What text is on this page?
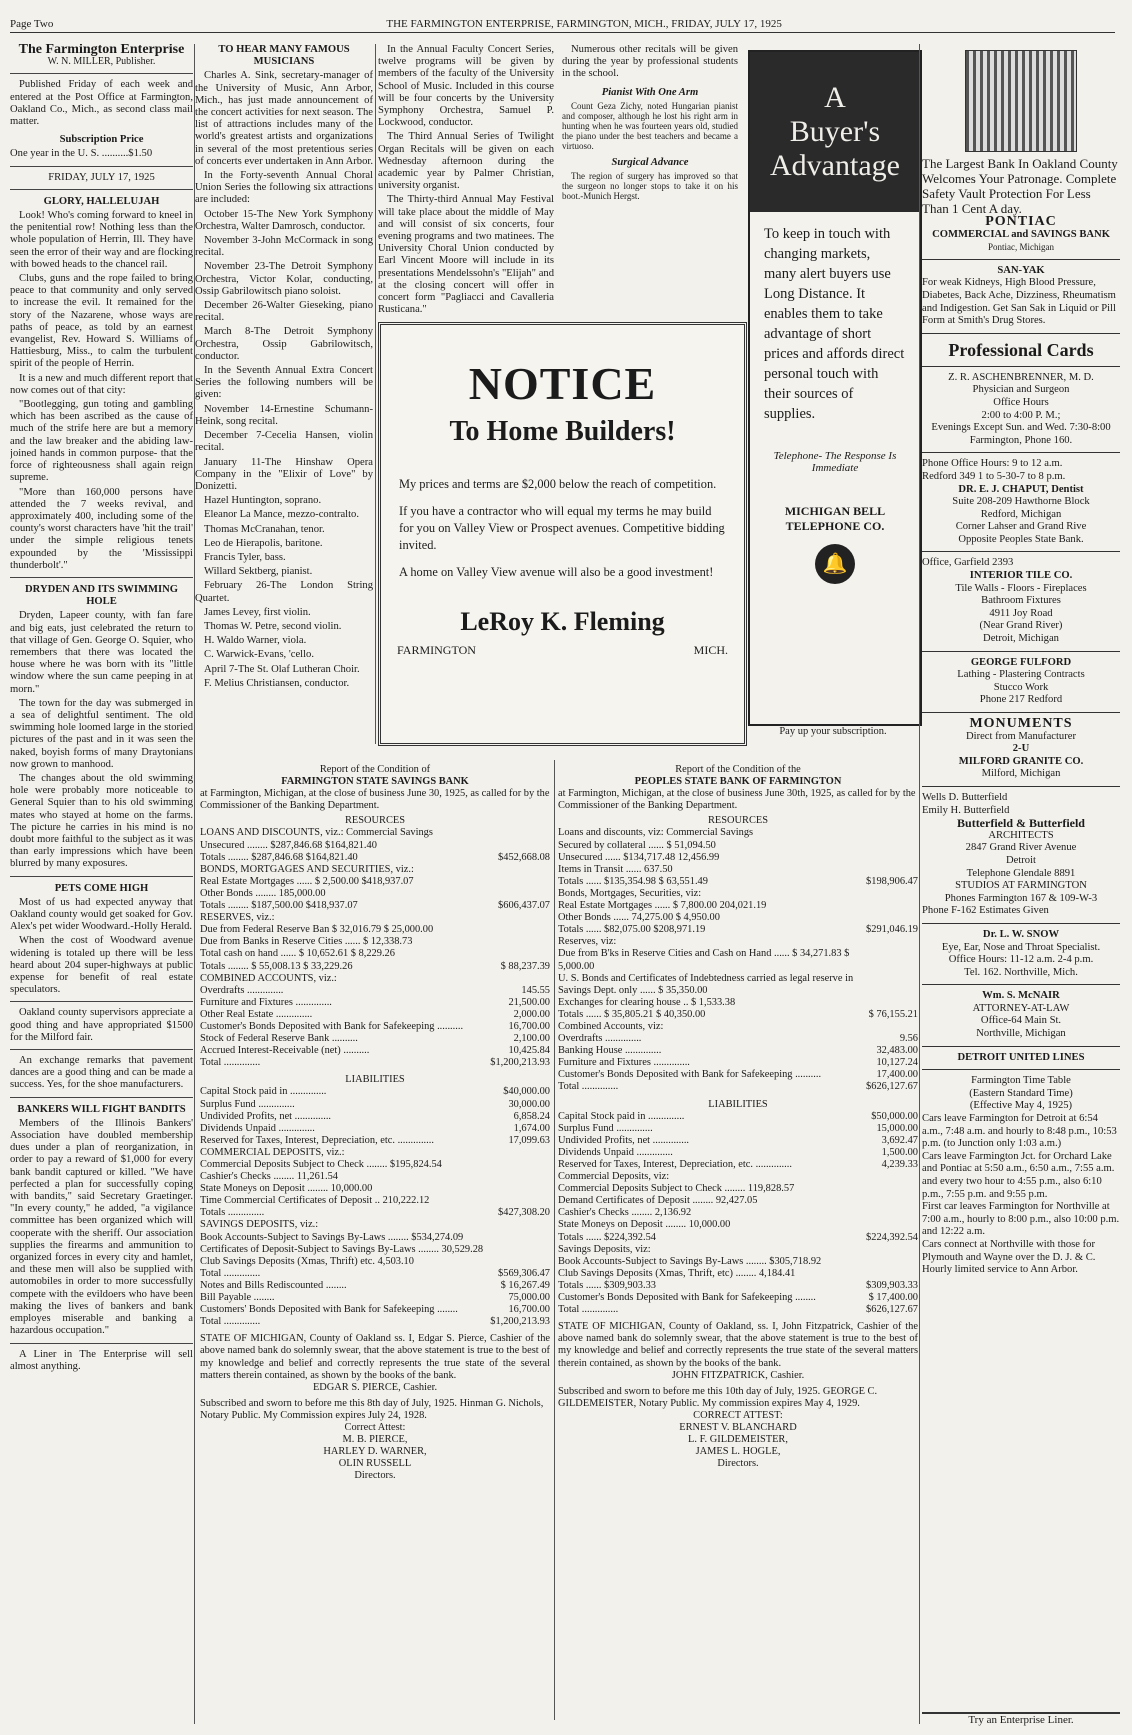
Page Two	THE FARMINGTON ENTERPRISE, FARMINGTON, MICH., FRIDAY, JULY 17, 1925
The Farmington Enterprise
W. N. MILLER, Publisher.

Published Friday of each week and entered at the Post Office at Farmington, Oakland Co., Mich., as second class mail matter.

Subscription Price
One year in the U. S. ..........$1.50
FRIDAY, JULY 17, 1925
GLORY, HALLELUJAH

Look! Who's coming forward to kneel in the penitential row! Nothing less than the whole population of Herrin, Ill. They have seen the error of their way and are flocking with bowed heads to the chancel rail.

Clubs, guns and the rope failed to bring peace to that community and only served to increase the evil. It remained for the story of the Nazarene, whose ways are paths of peace, as told by an earnest evangelist, Rev. Howard S. Williams of Hattiesburg, Miss., to calm the turbulent spirit of the people of Herrin.

It is a new and much different report that now comes out of that city:

"Bootlegging, gun toting and gambling which has been ascribed as the cause of much of the strife here are but a memory and the law breaker and the abiding law- joined hands in common purpose- that the force of righteousness shall again reign supreme.

"More than 160,000 persons have attended the 7 weeks revival, and approximately 400, including some of the county's worst characters have 'hit the trail' under the simple religious tenets expounded by the 'Mississippi thunderbolt'."

DRYDEN AND ITS SWIMMING HOLE

Dryden, Lapeer county, with fan fare and big eats, just celebrated the return to that village of Gen. George O. Squier, who remembers that there was located the house where he was born with its "little window where the sun came peeping in at morn."

The town for the day was submerged in a sea of delightful sentiment. The old swimming hole loomed large in the storied pictures of the past and in it was seen the naked, boyish forms of many Draytonians now grown to manhood.

The changes about the old swimming hole were probably more noticeable to General Squier than to his old swimming mates who stayed at home on the farms. The picture he carries in his mind is no doubt more faithful to the subject as it was than early impressions which have been blurred by many exposures.

PETS COME HIGH

Most of us had expected anyway that Oakland county would get soaked for Gov. Alex's pet wider Woodward.-Holly Herald.

When the cost of Woodward avenue widening is totaled up there will be less heard about 204 super-highways at public expense for benefit of real estate speculators.

Oakland county supervisors appreciate a good thing and have appropriated $1500 for the Milford fair.

An exchange remarks that pavement dances are a good thing and can be made a success. Yes, for the shoe manufacturers.

BANKERS WILL FIGHT BANDITS

Members of the Illinois Bankers' Association have doubled membership dues under a plan of reorganization, in order to pay a reward of $1,000 for every bank bandit captured or killed. "We have perfected a plan for successfully coping with bandits," said Secretary Graetinger. "In every county," he added, "a vigilance committee has been organized which will cooperate with the sheriff. Our association supplies the firearms and ammunition to organized forces in every city and hamlet, and these men will also be supplied with automobiles in order to more successfully compete with the evildoers who have been making the lives of bankers and bank employes miserable and banking a hazardous occupation."

A Liner in The Enterprise will sell almost anything.

TO HEAR MANY FAMOUS MUSICIANS

Charles A. Sink, secretary-manager of the University of Music, Ann Arbor, Mich., has just made announcement of the concert activities for next season. The list of attractions includes many of the world's greatest artists and organizations in several of the most pretentious series of concerts ever undertaken in Ann Arbor.

In the Forty-seventh Annual Choral Union Series the following six attractions are included:

October 15-The New York Symphony Orchestra, Walter Damrosch, conductor.

November 3-John McCormack in song recital.

November 23-The Detroit Symphony Orchestra, Victor Kolar, conducting, Ossip Gabrilowitsch piano soloist.

December 26-Walter Gieseking, piano recital.

March 8-The Detroit Symphony Orchestra, Ossip Gabrilowitsch, conductor.

In the Seventh Annual Extra Concert Series the following numbers will be given:

November 14-Ernestine Schumann-Heink, song recital.

December 7-Cecelia Hansen, violin recital.

January 11-The Hinshaw Opera Company in the "Elixir of Love" by Donizetti.

Hazel Huntington, soprano.

Eleanor La Mance, mezzo-contralto.

Thomas McCranahan, tenor.

Leo de Hierapolis, baritone.

Francis Tyler, bass.

Willard Sektberg, pianist.

February 26-The London String Quartet.

James Levey, first violin.

Thomas W. Petre, second violin.

H. Waldo Warner, viola.

C. Warwick-Evans, 'cello.

April 7-The St. Olaf Lutheran Choir.

F. Melius Christiansen, conductor.

In the Annual Faculty Concert Series, twelve programs will be given by members of the faculty of the University School of Music. Included in this course will be four concerts by the University Symphony Orchestra, Samuel P. Lockwood, conductor.

The Third Annual Series of Twilight Organ Recitals will be given on each Wednesday afternoon during the academic year by Palmer Christian, university organist.

The Thirty-third Annual May Festival will take place about the middle of May and will consist of six concerts, four evening programs and two matinees. The University Choral Union conducted by Earl Vincent Moore will include in its presentations Mendelssohn's "Elijah" and at the closing concert will offer in concert form "Pagliacci and Cavalleria Rusticana."

Numerous other recitals will be given during the year by professional students in the school.

Pianist With One Arm

Count Geza Zichy, noted Hungarian pianist and composer, although he lost his right arm in hunting when he was fourteen years old, studied the piano under the best teachers and became a virtuoso.

Surgical Advance

The region of surgery has improved so that the surgeon no longer stops to take it on his boot.-Munich Hergst.

NOTICE
To Home Builders!

My prices and terms are $2,000 below the reach of competition.

If you have a contractor who will equal my terms he may build for you on Valley View or Prospect avenues. Competitive bidding invited.

A home on Valley View avenue will also be a good investment!

LeRoy K. Fleming
FARMINGTON	MICH.
A
Buyer's
Advantage
To keep in touch with changing markets, many alert buyers use Long Distance. It enables them to take advantage of short prices and affords direct personal touch with their sources of supplies.
Telephone- The Response Is Immediate
MICHIGAN BELL TELEPHONE CO.
🔔
Pay up your subscription.

The Largest Bank In Oakland County Welcomes Your Patronage. Complete Safety Vault Protection For Less Than 1 Cent A day.

PONTIAC

COMMERCIAL and SAVINGS BANK

Pontiac, Michigan

SAN-YAK

For weak Kidneys, High Blood Pressure, Diabetes, Back Ache, Dizziness, Rheumatism and Indigestion. Get San Sak in Liquid or Pill Form at Smith's Drug Stores.

Professional Cards

Z. R. ASCHENBRENNER, M. D.

Physician and Surgeon

Office Hours

2:00 to 4:00 P. M.;

Evenings Except Sun. and Wed. 7:30-8:00

Farmington, Phone 160.

Phone Office Hours: 9 to 12 a.m.

Redford 349 1 to 5-30-7 to 8 p.m.

DR. E. J. CHAPUT, Dentist

Suite 208-209 Hawthorne Block

Redford, Michigan

Corner Lahser and Grand Rive

Opposite Peoples State Bank.

Office, Garfield 2393

INTERIOR TILE CO.

Tile Walls - Floors - Fireplaces

Bathroom Fixtures

4911 Joy Road

(Near Grand River)

Detroit, Michigan

GEORGE FULFORD

Lathing - Plastering Contracts

Stucco Work

Phone 217 Redford

MONUMENTS

Direct from Manufacturer

2-U

MILFORD GRANITE CO.

Milford, Michigan

Wells D. Butterfield

Emily H. Butterfield

Butterfield & Butterfield

ARCHITECTS

2847 Grand River Avenue

Detroit

Telephone Glendale 8891

STUDIOS AT FARMINGTON

Phones Farmington 167 & 109-W-3

Phone F-162 Estimates Given

Dr. L. W. SNOW

Eye, Ear, Nose and Throat Specialist.

Office Hours: 11-12 a.m. 2-4 p.m.

Tel. 162. Northville, Mich.

Wm. S. McNAIR

ATTORNEY-AT-LAW

Office-64 Main St.

Northville, Michigan

DETROIT UNITED LINES

Farmington Time Table

(Eastern Standard Time)

(Effective May 4, 1925)

Cars leave Farmington for Detroit at 6:54 a.m., 7:48 a.m. and hourly to 8:48 p.m., 10:53 p.m. (to Junction only 1:03 a.m.)

Cars leave Farmington Jct. for Orchard Lake and Pontiac at 5:50 a.m., 6:50 a.m., 7:55 a.m. and every two hour to 4:55 p.m., also 6:10 p.m., 7:55 p.m. and 9:55 p.m.

First car leaves Farmington for Northville at 7:00 a.m., hourly to 8:00 p.m., also 10:00 p.m. and 12:22 a.m.

Cars connect at Northville with those for Plymouth and Wayne over the D. J. & C. Hourly limited service to Ann Arbor.

Try an Enterprise Liner.

Report of the Condition of

FARMINGTON STATE SAVINGS BANK

at Farmington, Michigan, at the close of business June 30, 1925, as called for by the Commissioner of the Banking Department.

RESOURCES

LOANS AND DISCOUNTS, viz.: Commercial Savings
Unsecured ........ $287,846.68 $164,821.40
Totals ........ $287,846.68 $164,821.40	$452,668.08
BONDS, MORTGAGES AND SECURITIES, viz.:
Real Estate Mortgages ...... $ 2,500.00 $418,937.07
Other Bonds ........ 185,000.00
Totals ........ $187,500.00 $418,937.07	$606,437.07
RESERVES, viz.:
Due from Federal Reserve Ban $ 32,016.79 $ 25,000.00
Due from Banks in Reserve Cities ...... $ 12,338.73
Total cash on hand ...... $ 10,652.61 $ 8,229.26
Totals ........ $ 55,008.13 $ 33,229.26	$ 88,237.39
COMBINED ACCOUNTS, viz.:
Overdrafts ..............	145.55
Furniture and Fixtures ..............	21,500.00
Other Real Estate ..............	2,000.00
Customer's Bonds Deposited with Bank for Safekeeping ..........	16,700.00
Stock of Federal Reserve Bank ..........	2,100.00
Accrued Interest-Receivable (net) ..........	10,425.84
Total ..............	$1,200,213.93

LIABILITIES

Capital Stock paid in ..............	$40,000.00
Surplus Fund ..............	30,000.00
Undivided Profits, net ..............	6,858.24
Dividends Unpaid ..............	1,674.00
Reserved for Taxes, Interest, Depreciation, etc. ..............	17,099.63
COMMERCIAL DEPOSITS, viz.:
Commercial Deposits Subject to Check ........ $195,824.54
Cashier's Checks ........ 11,261.54
State Moneys on Deposit ........ 10,000.00
Time Commercial Certificates of Deposit .. 210,222.12
Totals ..............	$427,308.20
SAVINGS DEPOSITS, viz.:
Book Accounts-Subject to Savings By-Laws ........ $534,274.09
Certificates of Deposit-Subject to Savings By-Laws ........ 30,529.28
Club Savings Deposits (Xmas, Thrift) etc. 4,503.10
Total ..............	$569,306.47
Notes and Bills Rediscounted ........	$ 16,267.49
Bill Payable ........	75,000.00
Customers' Bonds Deposited with Bank for Safekeeping ........	16,700.00
Total ..............	$1,200,213.93

STATE OF MICHIGAN, County of Oakland ss. I, Edgar S. Pierce, Cashier of the above named bank do solemnly swear, that the above statement is true to the best of my knowledge and belief and correctly represents the true state of the several matters therein contained, as shown by the books of the bank.

EDGAR S. PIERCE, Cashier.

Subscribed and sworn to before me this 8th day of July, 1925. Hinman G. Nichols, Notary Public. My Commission expires July 24, 1928.

Correct Attest:

M. B. PIERCE,

HARLEY D. WARNER,

OLIN RUSSELL

Directors.

Report of the Condition of the

PEOPLES STATE BANK OF FARMINGTON

at Farmington, Michigan, at the close of business June 30th, 1925, as called for by the Commissioner of the Banking Department.

RESOURCES

Loans and discounts, viz: Commercial Savings
Secured by collateral ...... $ 51,094.50
Unsecured ...... $134,717.48 12,456.99
Items in Transit ...... 637.50
Totals ...... $135,354.98 $ 63,551.49	$198,906.47
Bonds, Mortgages, Securities, viz:
Real Estate Mortgages ...... $ 7,800.00 204,021.19
Other Bonds ...... 74,275.00 $ 4,950.00
Totals ...... $82,075.00 $208,971.19	$291,046.19
Reserves, viz:
Due from B'ks in Reserve Cities and Cash on Hand ...... $ 34,271.83 $ 5,000.00
U. S. Bonds and Certificates of Indebtedness carried as legal reserve in Savings Dept. only ...... $ 35,350.00
Exchanges for clearing house .. $ 1,533.38
Totals ...... $ 35,805.21 $ 40,350.00	$ 76,155.21
Combined Accounts, viz:
Overdrafts ..............	9.56
Banking House ..............	32,483.00
Furniture and Fixtures ..............	10,127.24
Customer's Bonds Deposited with Bank for Safekeeping ..........	17,400.00
Total ..............	$626,127.67

LIABILITIES

Capital Stock paid in ..............	$50,000.00
Surplus Fund ..............	15,000.00
Undivided Profits, net ..............	3,692.47
Dividends Unpaid ..............	1,500.00
Reserved for Taxes, Interest, Depreciation, etc. ..............	4,239.33
Commercial Deposits, viz:
Commercial Deposits Subject to Check ........ 119,828.57
Demand Certificates of Deposit ........ 92,427.05
Cashier's Checks ........ 2,136.92
State Moneys on Deposit ........ 10,000.00
Totals ...... $224,392.54	$224,392.54
Savings Deposits, viz:
Book Accounts-Subject to Savings By-Laws ........ $305,718.92
Club Savings Deposits (Xmas, Thrift, etc) ........ 4,184.41
Totals ...... $309,903.33	$309,903.33
Customer's Bonds Deposited with Bank for Safekeeping ........	$ 17,400.00
Total ..............	$626,127.67

STATE OF MICHIGAN, County of Oakland, ss. I, John Fitzpatrick, Cashier of the above named bank do solemnly swear, that the above statement is true to the best of my knowledge and belief and correctly represents the true state of the several matters therein contained, as shown by the books of the bank.

JOHN FITZPATRICK, Cashier.

Subscribed and sworn to before me this 10th day of July, 1925. GEORGE C. GILDEMEISTER, Notary Public. My commission expires May 4, 1929.

CORRECT ATTEST:

ERNEST V. BLANCHARD

L. F. GILDEMEISTER,

JAMES L. HOGLE,

Directors.
